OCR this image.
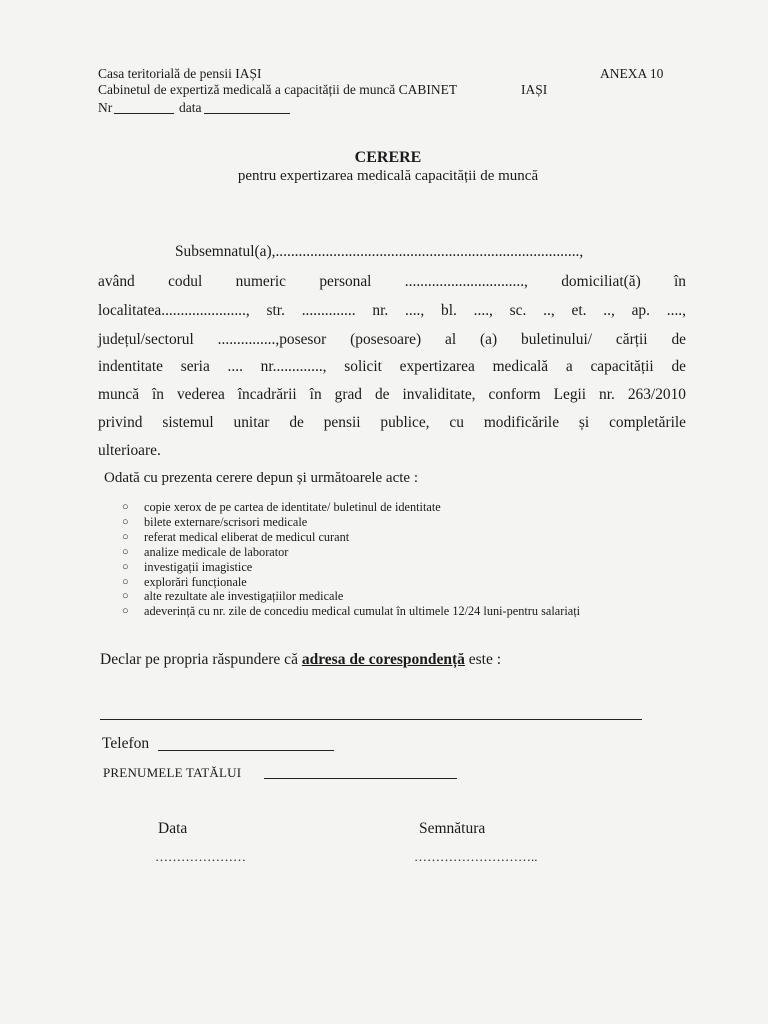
Casa teritorială de pensii IAȘI
Cabinetul de expertiză medicală a capacității de muncă CABINET	IAȘI
ANEXA 10
Nr	data
CERERE
pentru expertizarea medicală capacității de muncă
Subsemnatul(a),...............................................................................,
având codul numeric personal ..............................., domiciliat(ă) în
localitatea......................, str. .............. nr. ...., bl. ...., sc. .., et. .., ap. ....,
județul/sectorul ...............,posesor (posesoare) al (a) buletinului/ cărții de
indentitate seria .... nr............., solicit expertizarea medicală a capacității de
muncă în vederea încadrării în grad de invaliditate, conform Legii nr. 263/2010
privind sistemul unitar de pensii publice, cu modificările și completările
ulterioare.
Odată cu prezenta cerere depun și următoarele acte :
○ copie xerox de pe cartea de identitate/ buletinul de identitate
○ bilete externare/scrisori medicale
○ referat medical eliberat de medicul curant
○ analize medicale de laborator
○ investigații imagistice
○ explorări funcționale
○ alte rezultate ale investigațiilor medicale
○ adeverință cu nr. zile de concediu medical cumulat în ultimele 12/24 luni-pentru salariați
Declar pe propria răspundere că adresa de corespondență este :
Telefon
PRENUMELE TATĂLUI
Data	Semnătura
…………………	………………………..
